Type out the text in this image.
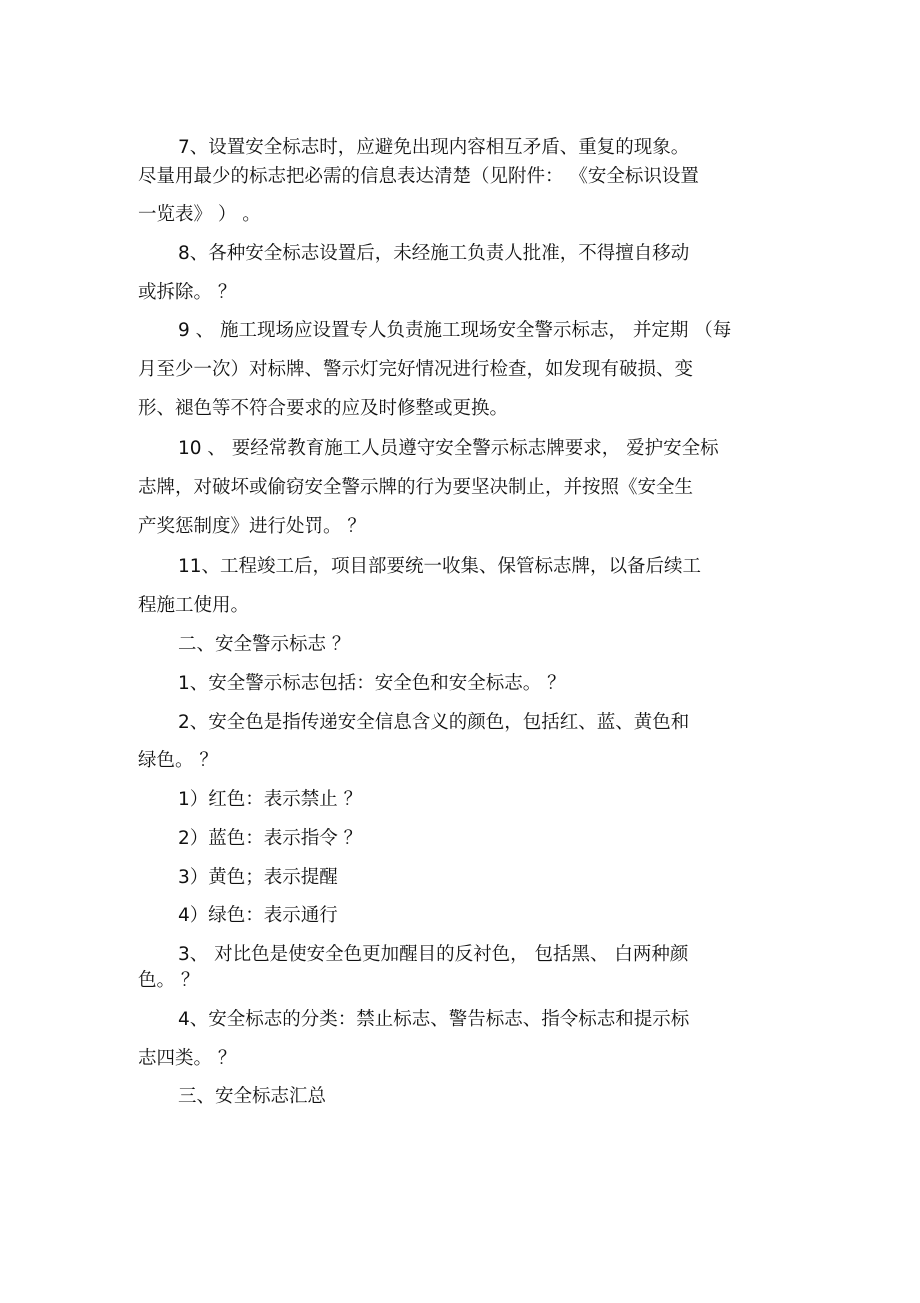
7、设置安全标志时，应避免出现内容相互矛盾、重复的现象。
尽量用最少的标志把必需的信息表达清楚（见附件： 《安全标识设置
一览表》 ） 。
8、各种安全标志设置后，未经施工负责人批准，不得擅自移动
或拆除。 ？
9 、 施工现场应设置专人负责施工现场安全警示标志， 并定期 （每
月至少一次）对标牌、警示灯完好情况进行检查，如发现有破损、变
形、褪色等不符合要求的应及时修整或更换。
10 、 要经常教育施工人员遵守安全警示标志牌要求， 爱护安全标
志牌，对破坏或偷窃安全警示牌的行为要坚决制止，并按照《安全生
产奖惩制度》进行处罚。 ？
11、工程竣工后，项目部要统一收集、保管标志牌，以备后续工
程施工使用。
二、安全警示标志 ？
1、安全警示标志包括：安全色和安全标志。 ？
2、安全色是指传递安全信息含义的颜色，包括红、蓝、黄色和
绿色。 ？
1）红色：表示禁止 ？
2）蓝色：表示指令 ？
3）黄色；表示提醒
4）绿色：表示通行
3、 对比色是使安全色更加醒目的反衬色， 包括黑、 白两种颜
色。 ？
4、安全标志的分类：禁止标志、警告标志、指令标志和提示标
志四类。 ？
三、安全标志汇总
